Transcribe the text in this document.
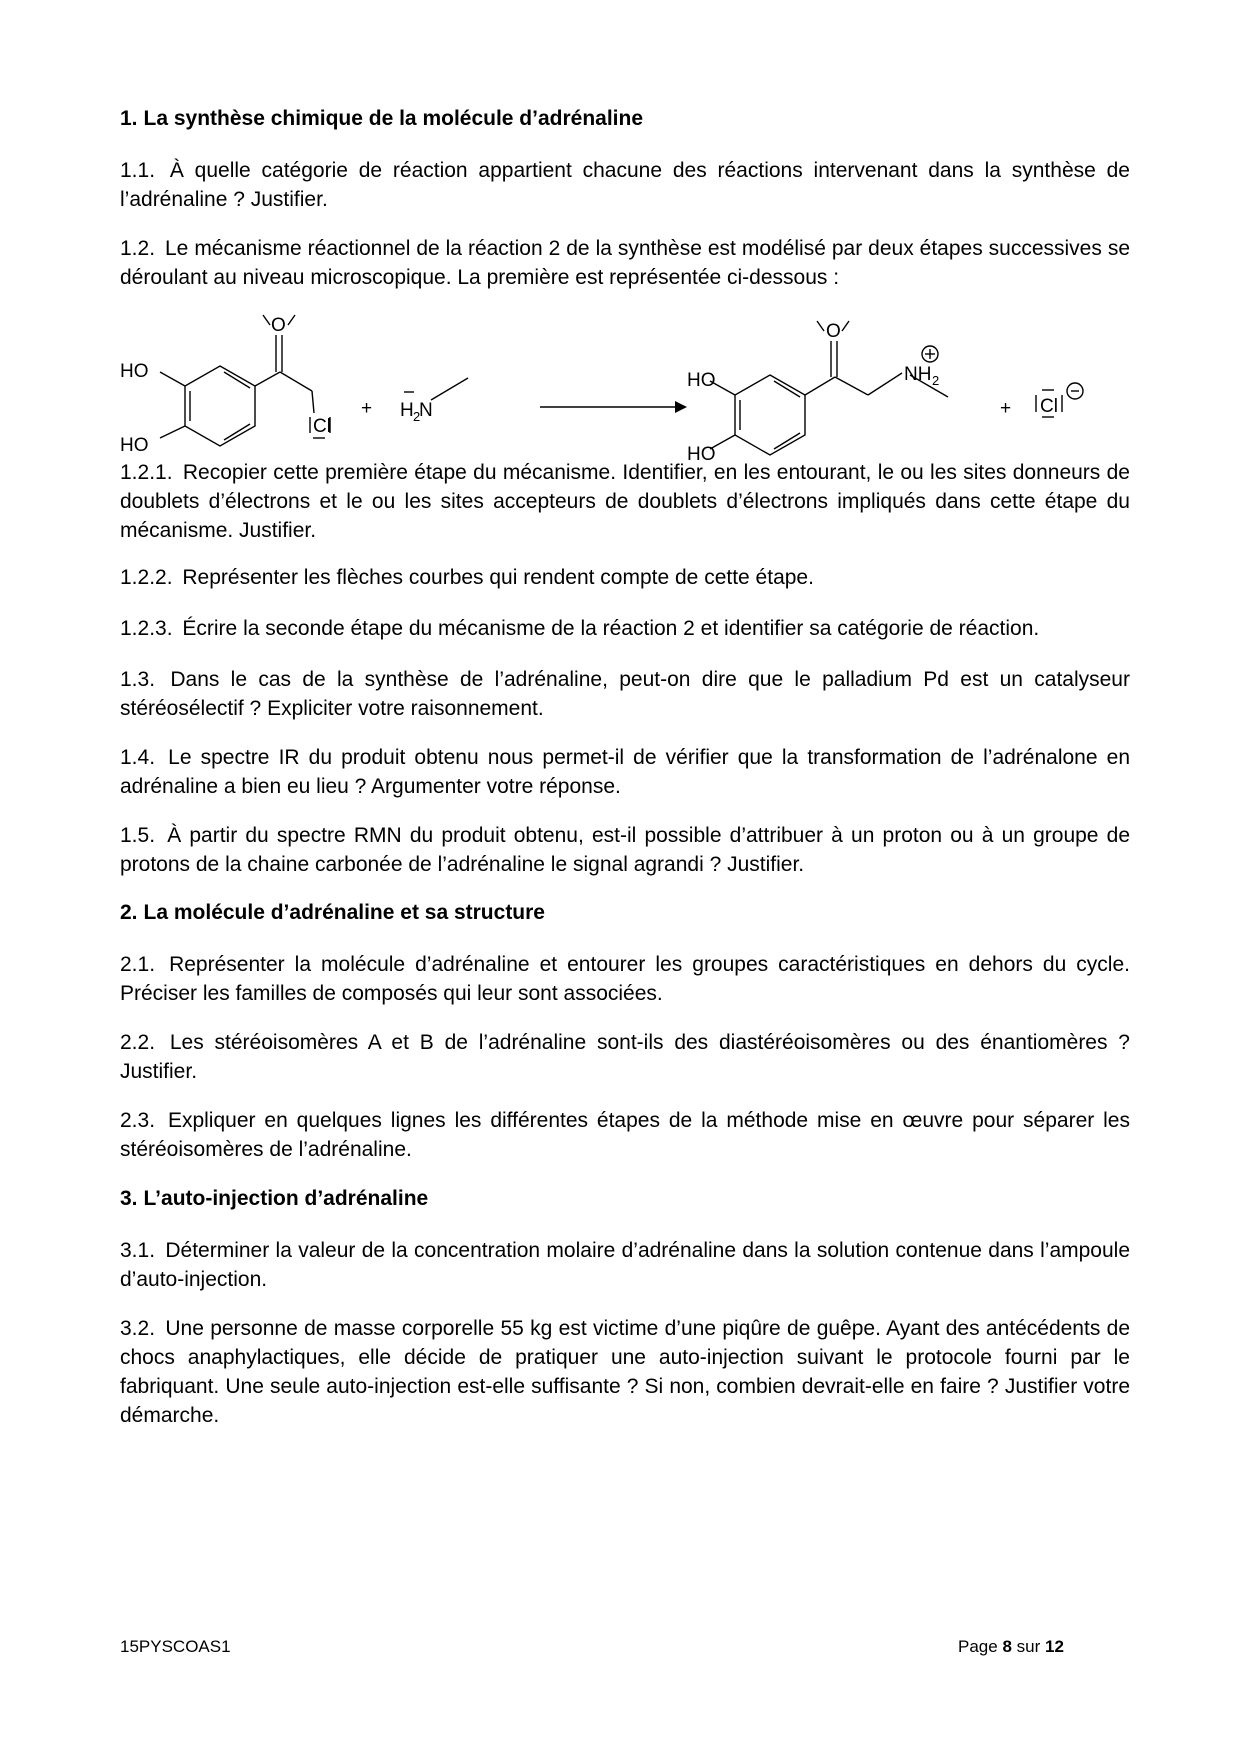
1. La synthèse chimique de la molécule d’adrénaline
1.1. À quelle catégorie de réaction appartient chacune des réactions intervenant dans la synthèse de l’adrénaline ? Justifier.
1.2. Le mécanisme réactionnel de la réaction 2 de la synthèse est modélisé par deux étapes successives se déroulant au niveau microscopique. La première est représentée ci-dessous :
HO
HO
O
Cl
+ H 2
N
HO
HO
O
NH 2
+ Cl
1.2.1. Recopier cette première étape du mécanisme. Identifier, en les entourant, le ou les sites donneurs de doublets d’électrons et le ou les sites accepteurs de doublets d’électrons impliqués dans cette étape du mécanisme. Justifier.
1.2.2. Représenter les flèches courbes qui rendent compte de cette étape.
1.2.3. Écrire la seconde étape du mécanisme de la réaction 2 et identifier sa catégorie de réaction.
1.3. Dans le cas de la synthèse de l’adrénaline, peut-on dire que le palladium Pd est un catalyseur stéréosélectif ? Expliciter votre raisonnement.
1.4. Le spectre IR du produit obtenu nous permet-il de vérifier que la transformation de l’adrénalone en adrénaline a bien eu lieu ? Argumenter votre réponse.
1.5. À partir du spectre RMN du produit obtenu, est-il possible d’attribuer à un proton ou à un groupe de protons de la chaine carbonée de l’adrénaline le signal agrandi ? Justifier.
2. La molécule d’adrénaline et sa structure
2.1. Représenter la molécule d’adrénaline et entourer les groupes caractéristiques en dehors du cycle. Préciser les familles de composés qui leur sont associées.
2.2. Les stéréoisomères A et B de l’adrénaline sont-ils des diastéréoisomères ou des énantiomères ? Justifier.
2.3. Expliquer en quelques lignes les différentes étapes de la méthode mise en œuvre pour séparer les stéréoisomères de l’adrénaline.
3. L’auto-injection d’adrénaline
3.1. Déterminer la valeur de la concentration molaire d’adrénaline dans la solution contenue dans l’ampoule d’auto-injection.
3.2. Une personne de masse corporelle 55 kg est victime d’une piqûre de guêpe. Ayant des antécédents de chocs anaphylactiques, elle décide de pratiquer une auto-injection suivant le protocole fourni par le fabriquant. Une seule auto-injection est-elle suffisante ? Si non, combien devrait-elle en faire ? Justifier votre démarche.
15PYSCOAS1	Page 8 sur 12
